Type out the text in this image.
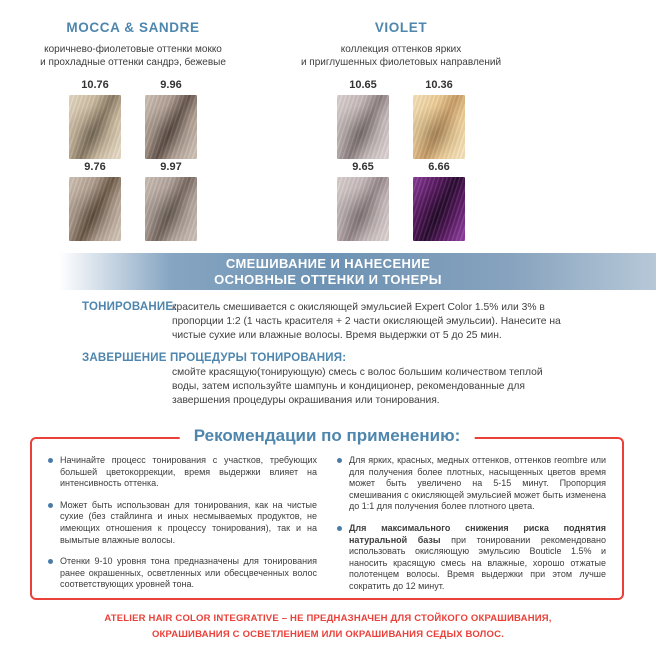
MOCCA & SANDRE
коричнево-фиолетовые оттенки мокко
и прохладные оттенки сандрэ, бежевые
10.76	9.96
9.76	9.97
VIOLET
коллекция оттенков ярких
и приглушенных фиолетовых направлений
10.65	10.36
9.65	6.66
СМЕШИВАНИЕ И НАНЕСЕНИЕ
ОСНОВНЫЕ ОТТЕНКИ И ТОНЕРЫ
ТОНИРОВАНИЕ:
краситель смешивается с окисляющей эмульсией Expert Color 1.5% или 3% в пропорции 1:2 (1 часть красителя + 2 части окисляющей эмульсии). Нанесите на чистые сухие или влажные волосы. Время выдержки от 5 до 25 мин.
ЗАВЕРШЕНИЕ ПРОЦЕДУРЫ ТОНИРОВАНИЯ:
смойте красящую(тонирующую) смесь с волос большим количеством теплой воды, затем используйте шампунь и кондиционер, рекомендованные для завершения процедуры окрашивания или тонирования.
Рекомендации по применению:
Начинайте процесс тонирования с участков, требующих большей цветокоррекции, время выдержки влияет на интенсивность оттенка.
Может быть использован для тонирования, как на чистые сухие (без стайлинга и иных несмываемых продуктов, не имеющих отношения к процессу тонирования), так и на вымытые влажные волосы.
Отенки 9-10 уровня тона предназначены для тонирования ранее окрашенных, осветленных или обесцвеченных волос соответствующих уровней тона.
Для ярких, красных, медных оттенков, оттенков reombre или для получения более плотных, насыщенных цветов время может быть увеличено на 5-15 минут. Пропорция смешивания с окисляющей эмульсией может быть изменена до 1:1 для получения более плотного цвета.
Для максимального снижения риска поднятия натуральной базы при тонировании рекомендовано использовать окисляющую эмульсию Bouticle 1.5% и наносить красящую смесь на влажные, хорошо отжатые полотенцем волосы. Время выдержки при этом лучше сократить до 12 минут.
ATELIER HAIR COLOR INTEGRATIVE – НЕ ПРЕДНАЗНАЧЕН ДЛЯ СТОЙКОГО ОКРАШИВАНИЯ,
ОКРАШИВАНИЯ С ОСВЕТЛЕНИЕМ ИЛИ ОКРАШИВАНИЯ СЕДЫХ ВОЛОС.
